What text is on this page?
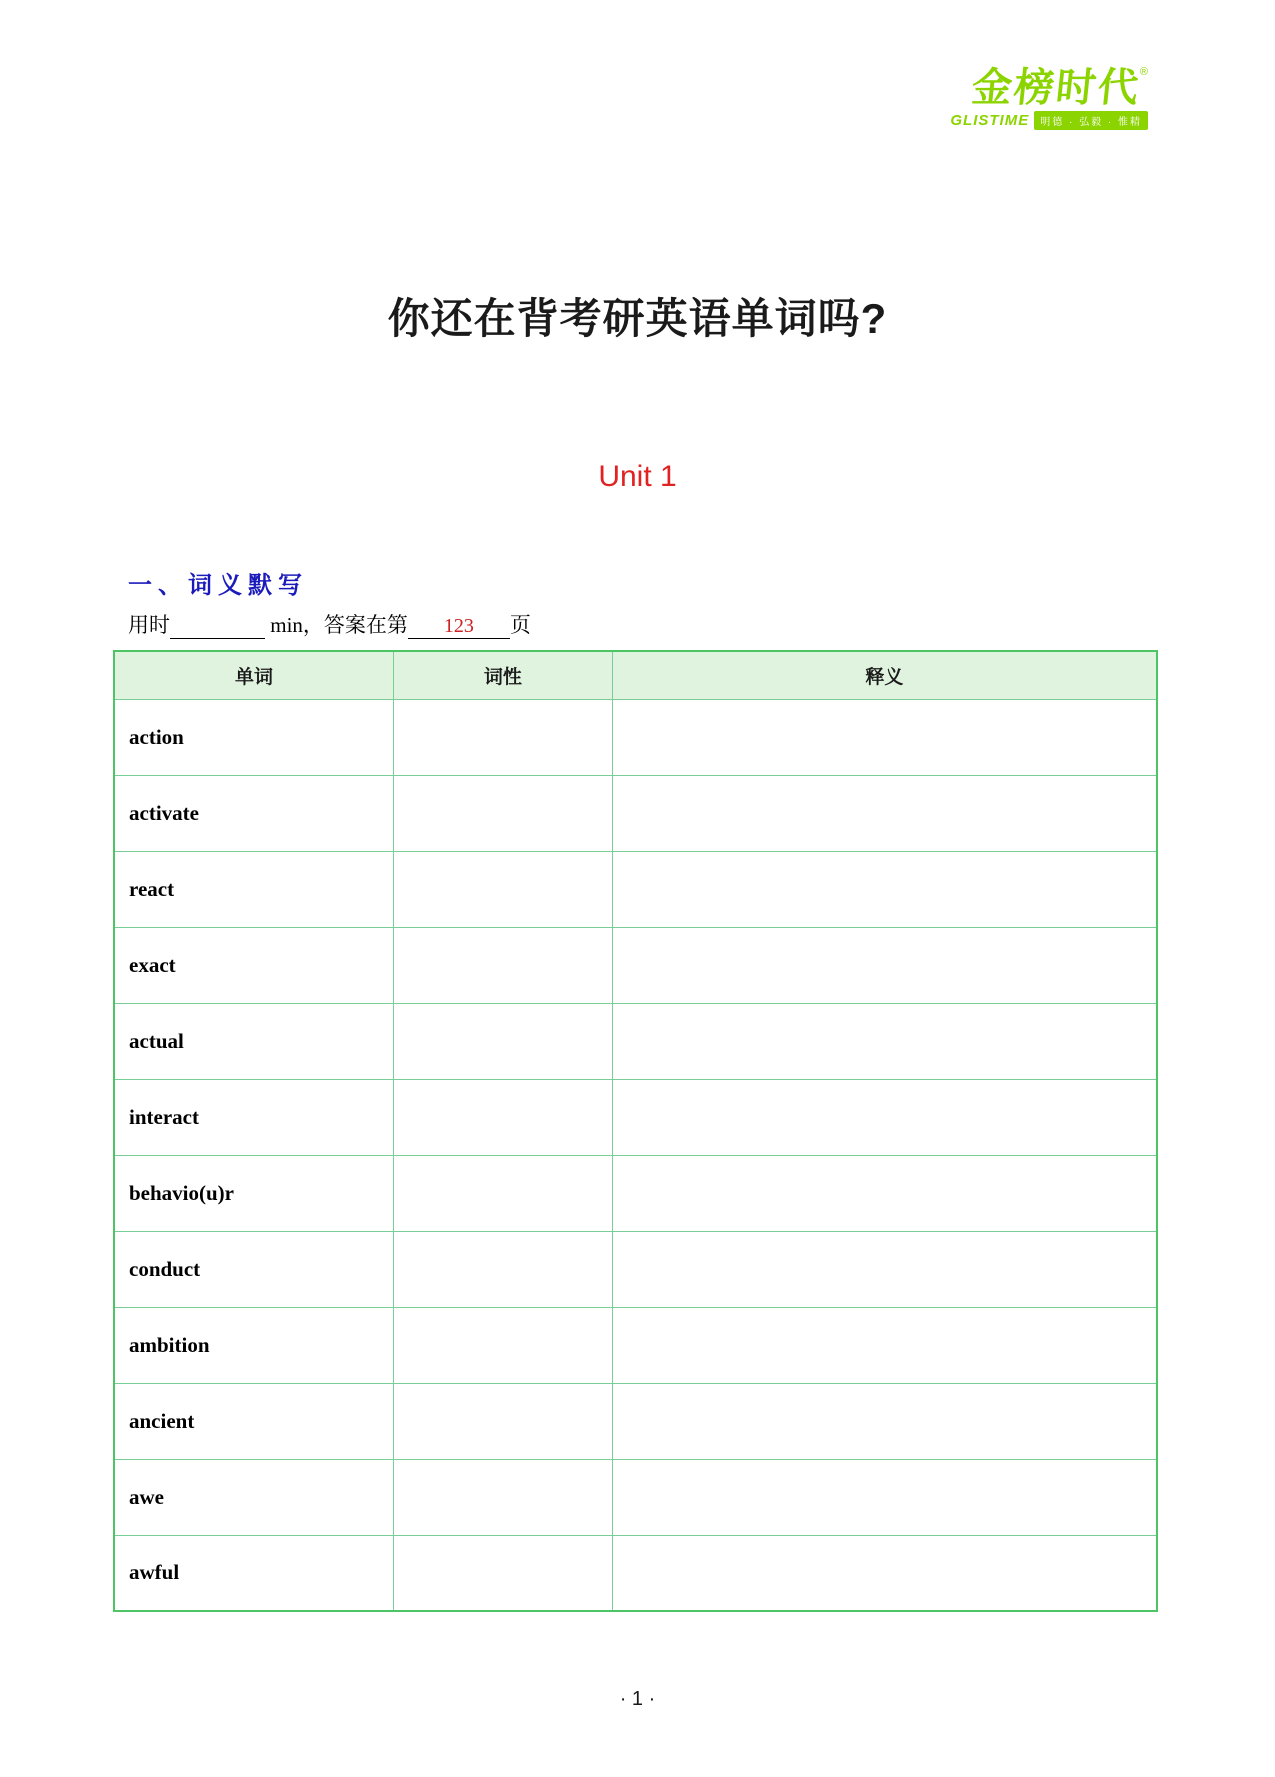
金榜时代®
GLISTIME	明德 · 弘毅 · 惟精
你还在背考研英语单词吗?
Unit 1
一、词义默写
用时	min，答案在第 123 页
单词	词性	释义
action		
activate		
react		
exact		
actual		
interact		
behavio(u)r		
conduct		
ambition		
ancient		
awe		
awful		
· 1 ·
